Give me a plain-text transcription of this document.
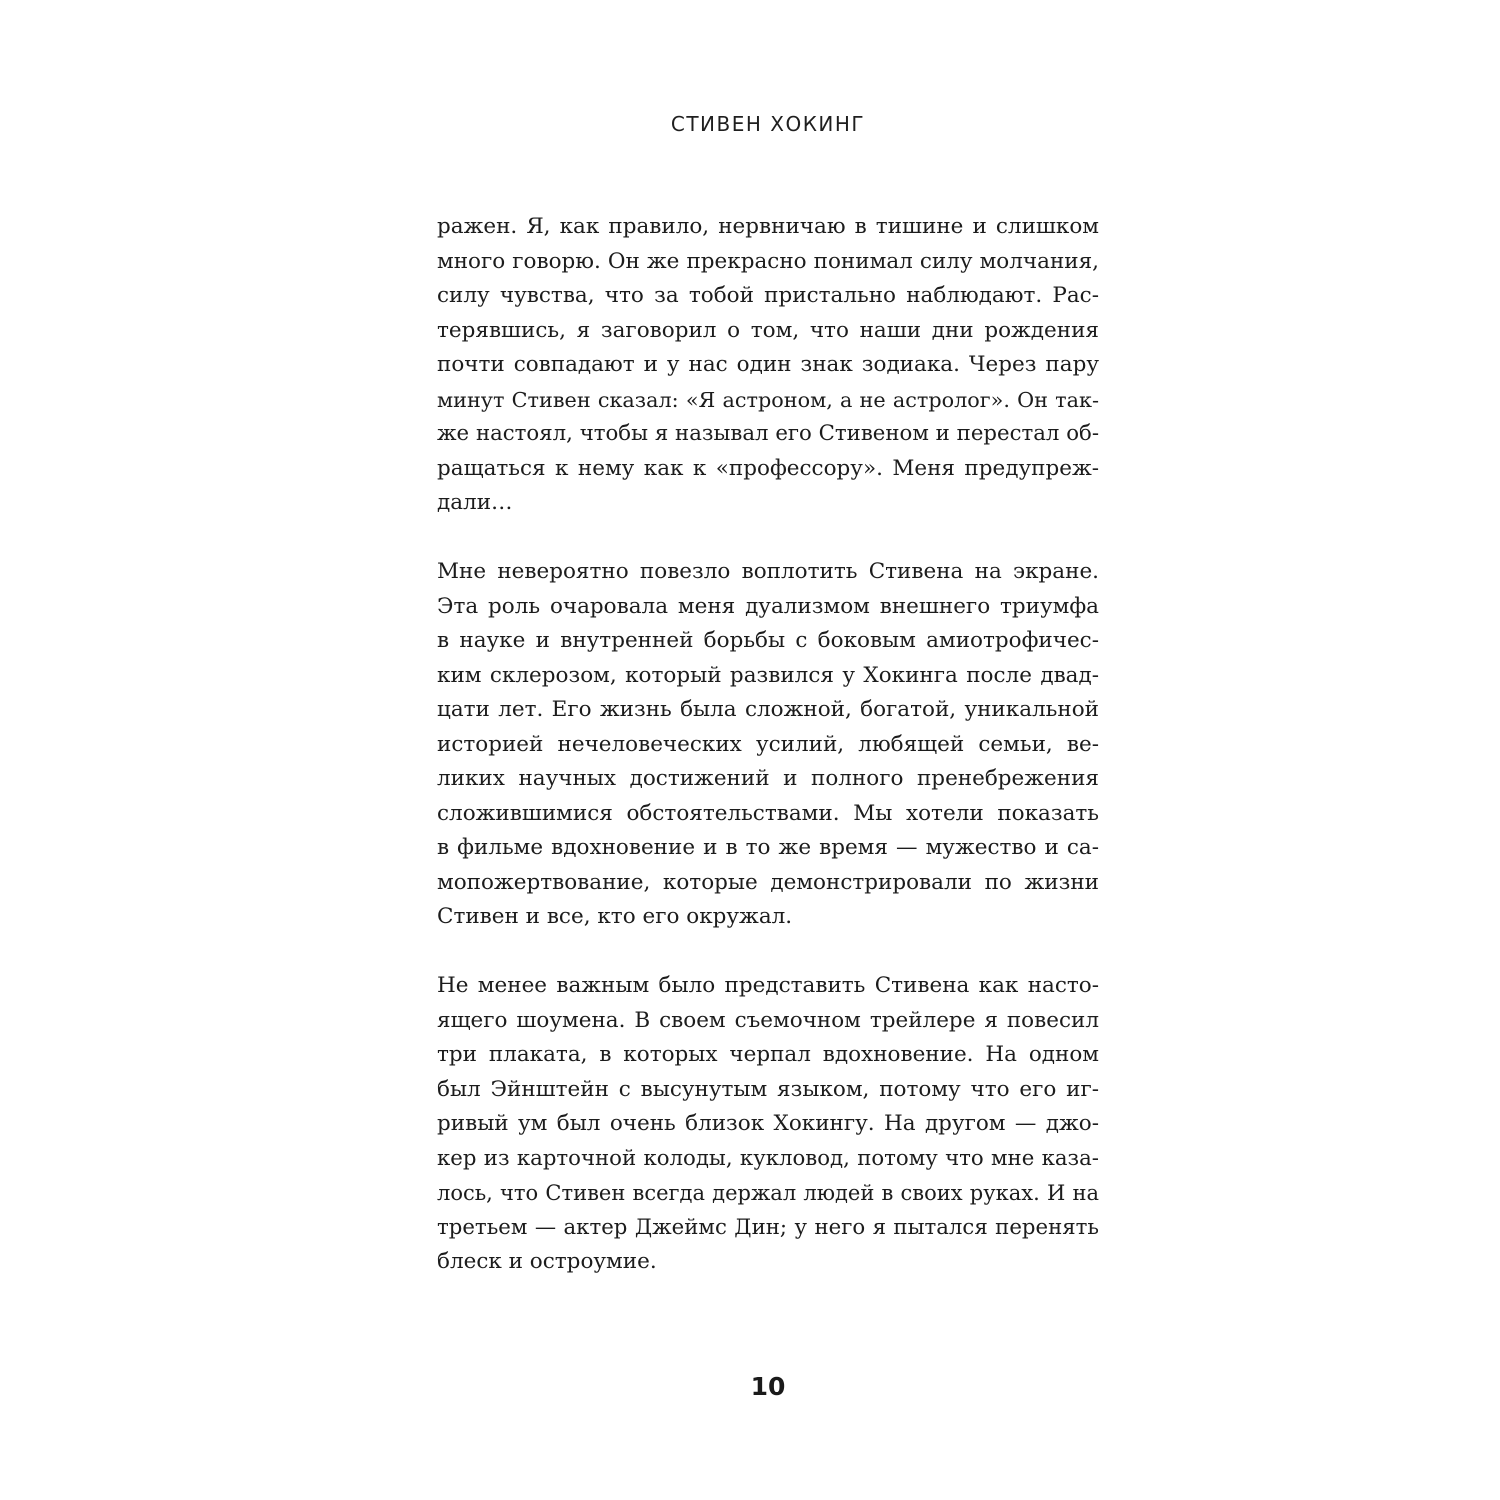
СТИВЕН ХОКИНГ
ражен. Я, как правило, нервничаю в тишине и слишком
много говорю. Он же прекрасно понимал силу молчания,
силу чувства, что за тобой пристально наблюдают. Рас-
терявшись, я заговорил о том, что наши дни рождения
почти совпадают и у нас один знак зодиака. Через пару
минут Стивен сказал: «Я астроном, а не астролог». Он так-
же настоял, чтобы я называл его Стивеном и перестал об-
ращаться к нему как к «профессору». Меня предупреж-
дали…
Мне невероятно повезло воплотить Стивена на экране.
Эта роль очаровала меня дуализмом внешнего триумфа
в науке и внутренней борьбы с боковым амиотрофичес-
ким склерозом, который развился у Хокинга после двад-
цати лет. Его жизнь была сложной, богатой, уникальной
историей нечеловеческих усилий, любящей семьи, ве-
ликих научных достижений и полного пренебрежения
сложившимися обстоятельствами. Мы хотели показать
в фильме вдохновение и в то же время — мужество и са-
мопожертвование, которые демонстрировали по жизни
Стивен и все, кто его окружал.
Не менее важным было представить Стивена как насто-
ящего шоумена. В своем съемочном трейлере я повесил
три плаката, в которых черпал вдохновение. На одном
был Эйнштейн с высунутым языком, потому что его иг-
ривый ум был очень близок Хокингу. На другом — джо-
кер из карточной колоды, кукловод, потому что мне каза-
лось, что Стивен всегда держал людей в своих руках. И на
третьем — актер Джеймс Дин; у него я пытался перенять
блеск и остроумие.
10
